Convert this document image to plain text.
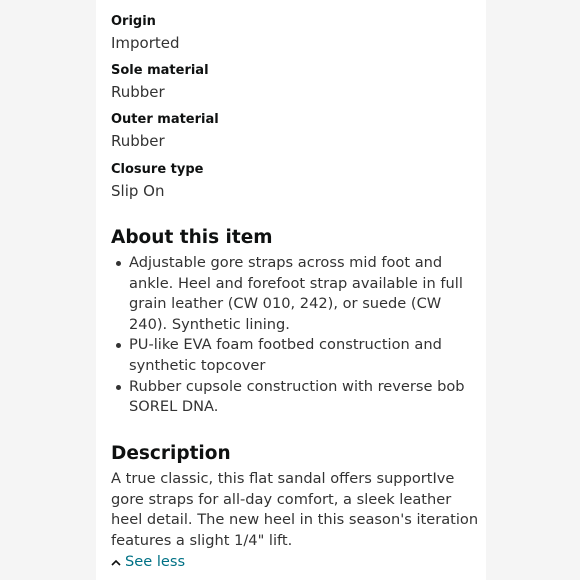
Origin
Imported
Sole material
Rubber
Outer material
Rubber
Closure type
Slip On
About this item
Adjustable gore straps across mid foot and ankle. Heel and forefoot strap available in full grain leather (CW 010, 242), or suede (CW 240). Synthetic lining.
PU-like EVA foam footbed construction and synthetic topcover
Rubber cupsole construction with reverse bob SOREL DNA.
Description
A true classic, this flat sandal offers supportIve gore straps for all-day comfort, a sleek leather heel detail. The new heel in this season's iteration features a slight 1/4" lift.
See less
